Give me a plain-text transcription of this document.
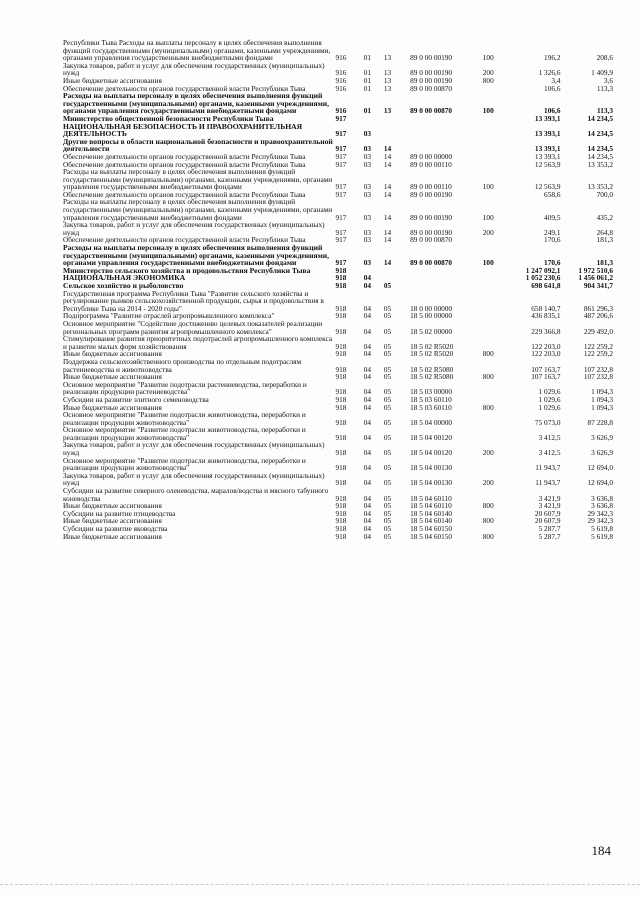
Республики Тыва Расходы на выплаты персоналу в целях обеспечения выполнения функций государственными (муниципальными) органами, казенными учреждениями, органами управления государственными внебюджетными фондами	916	01	13	89 0 00 00190	100	196,2	208,6
Закупка товаров, работ и услуг для обеспечения государственных (муниципальных) нужд	916	01	13	89 0 00 00190	200	1 326,6	1 409,9
Иные бюджетные ассигнования	916	01	13	89 0 00 00190	800	3,4	3,6
Обеспечение деятельности органов государственной власти Республики Тыва	916	01	13	89 0 00 00870		106,6	113,3
Расходы на выплаты персоналу в целях обеспечения выполнения функций государственными (муниципальными) органами, казенными учреждениями, органами управления государственными внебюджетными фондами	916	01	13	89 0 00 00870	100	106,6	113,3
Министерство общественной безопасности Республики Тыва	917					13 393,1	14 234,5
НАЦИОНАЛЬНАЯ БЕЗОПАСНОСТЬ И ПРАВООХРАНИТЕЛЬНАЯ ДЕЯТЕЛЬНОСТЬ	917	03				13 393,1	14 234,5
Другие вопросы в области национальной безопасности и правоохранительной деятельности	917	03	14			13 393,1	14 234,5
Обеспечение деятельности органов государственной власти Республики Тыва	917	03	14	89 0 00 00000		13 393,1	14 234,5
Обеспечение деятельности органов государственной власти Республики Тыва	917	03	14	89 0 00 00110		12 563,9	13 353,2
Расходы на выплаты персоналу в целях обеспечения выполнения функций государственными (муниципальными) органами, казенными учреждениями, органами управления государственными внебюджетными фондами	917	03	14	89 0 00 00110	100	12 563,9	13 353,2
Обеспечение деятельности органов государственной власти Республики Тыва	917	03	14	89 0 00 00190		658,6	700,0
Расходы на выплаты персоналу в целях обеспечения выполнения функций государственными (муниципальными) органами, казенными учреждениями, органами управления государственными внебюджетными фондами	917	03	14	89 0 00 00190	100	409,5	435,2
Закупка товаров, работ и услуг для обеспечения государственных (муниципальных) нужд	917	03	14	89 0 00 00190	200	249,1	264,8
Обеспечение деятельности органов государственной власти Республики Тыва	917	03	14	89 0 00 00870		170,6	181,3
Расходы на выплаты персоналу в целях обеспечения выполнения функций государственными (муниципальными) органами, казенными учреждениями, органами управления государственными внебюджетными фондами	917	03	14	89 0 00 00870	100	170,6	181,3
Министерство сельского хозяйства и продовольствия Республики Тыва	918					1 247 092,1	1 972 510,6
НАЦИОНАЛЬНАЯ ЭКОНОМИКА	918	04				1 052 230,6	1 456 061,2
Сельское хозяйство и рыболовство	918	04	05			698 641,8	904 341,7
Государственная программа Республики Тыва "Развитие сельского хозяйства и регулирование рынков сельскохозяйственной продукции, сырья и продовольствия в Республике Тыва на 2014 - 2020 годы"	918	04	05	18 0 00 00000		658 140,7	861 296,3
Подпрограмма "Развитие отраслей агропромышленного комплекса"	918	04	05	18 5 00 00000		436 835,1	487 206,6
Основное мероприятие "Содействие достижению целевых показателей реализации региональных программ развития агропромышленного комплекса"	918	04	05	18 5 02 00000		229 366,8	229 492,0
Стимулирование развития приоритетных подотраслей агропромышленного комплекса и развитие малых форм хозяйствования	918	04	05	18 5 02 R5020		122 203,0	122 259,2
Иные бюджетные ассигнования	918	04	05	18 5 02 R5020	800	122 203,0	122 259,2
Поддержка сельскохозяйственного производства по отдельным подотраслям растениеводства и животноводства	918	04	05	18 5 02 R5080		107 163,7	107 232,8
Иные бюджетные ассигнования	918	04	05	18 5 02 R5080	800	107 163,7	107 232,8
Основное мероприятие "Развитие подотрасли растениеводства, переработки и реализации продукции растениеводства"	918	04	05	18 5 03 00000		1 029,6	1 094,3
Субсидии на развитие элитного семеноводства	918	04	05	18 5 03 60110		1 029,6	1 094,3
Иные бюджетные ассигнования	918	04	05	18 5 03 60110	800	1 029,6	1 094,3
Основное мероприятие "Развитие подотрасли животноводства, переработки и реализации продукции животноводства"	918	04	05	18 5 04 00000		75 073,0	87 228,8
Основное мероприятие "Развитие подотрасли животноводства, переработки и реализации продукции животноводства"	918	04	05	18 5 04 00120		3 412,5	3 626,9
Закупка товаров, работ и услуг для обеспечения государственных (муниципальных) нужд	918	04	05	18 5 04 00120	200	3 412,5	3 626,9
Основное мероприятие "Развитие подотрасли животноводства, переработки и реализации продукции животноводства"	918	04	05	18 5 04 00130		11 943,7	12 694,0
Закупка товаров, работ и услуг для обеспечения государственных (муниципальных) нужд	918	04	05	18 5 04 00130	200	11 943,7	12 694,0
Субсидии на развитие северного оленеводства, маралов/водства и мясного табунного коневодства	918	04	05	18 5 04 60110		3 421,9	3 636,8
Иные бюджетные ассигнования	918	04	05	18 5 04 60110	800	3 421,9	3 636,8
Субсидии на развитие птицеводства	918	04	05	18 5 04 60140		20 607,9	29 342,3
Иные бюджетные ассигнования	918	04	05	18 5 04 60140	800	20 607,9	29 342,3
Субсидии на развитие яководства	918	04	05	18 5 04 60150		5 287,7	5 619,8
Иные бюджетные ассигнования	918	04	05	18 5 04 60150	800	5 287,7	5 619,8
184
